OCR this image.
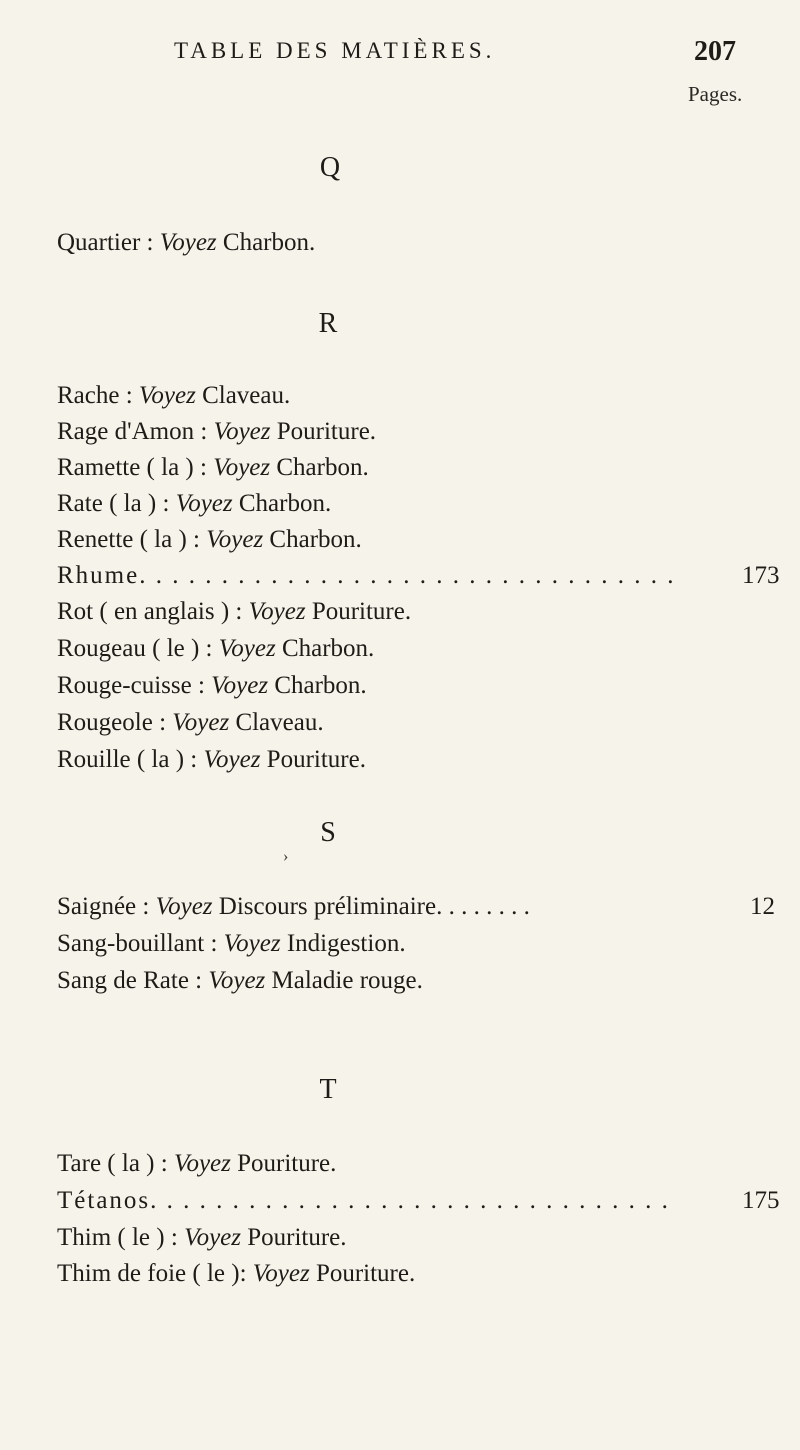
TABLE DES MATIÈRES.	207
Pages.
Q
Quartier : Voyez Charbon.
R
Rache : Voyez Claveau.
Rage d'Amon : Voyez Pouriture.
Ramette ( la ) : Voyez Charbon.
Rate ( la ) : Voyez Charbon.
Renette ( la ) : Voyez Charbon.
Rhume. . . . . . . . . . . . . . . . . . . . . . . . . . . . . . . . .	173
Rot ( en anglais ) : Voyez Pouriture.
Rougeau ( le ) : Voyez Charbon.
Rouge-cuisse : Voyez Charbon.
Rougeole : Voyez Claveau.
Rouille ( la ) : Voyez Pouriture.
S
›
Saignée : Voyez Discours préliminaire. . . . . . . .	12
Sang-bouillant : Voyez Indigestion.
Sang de Rate : Voyez Maladie rouge.
T
Tare ( la ) : Voyez Pouriture.
Tétanos. . . . . . . . . . . . . . . . . . . . . . . . . . . . . . . .	175
Thim ( le ) : Voyez Pouriture.
Thim de foie ( le ): Voyez Pouriture.
